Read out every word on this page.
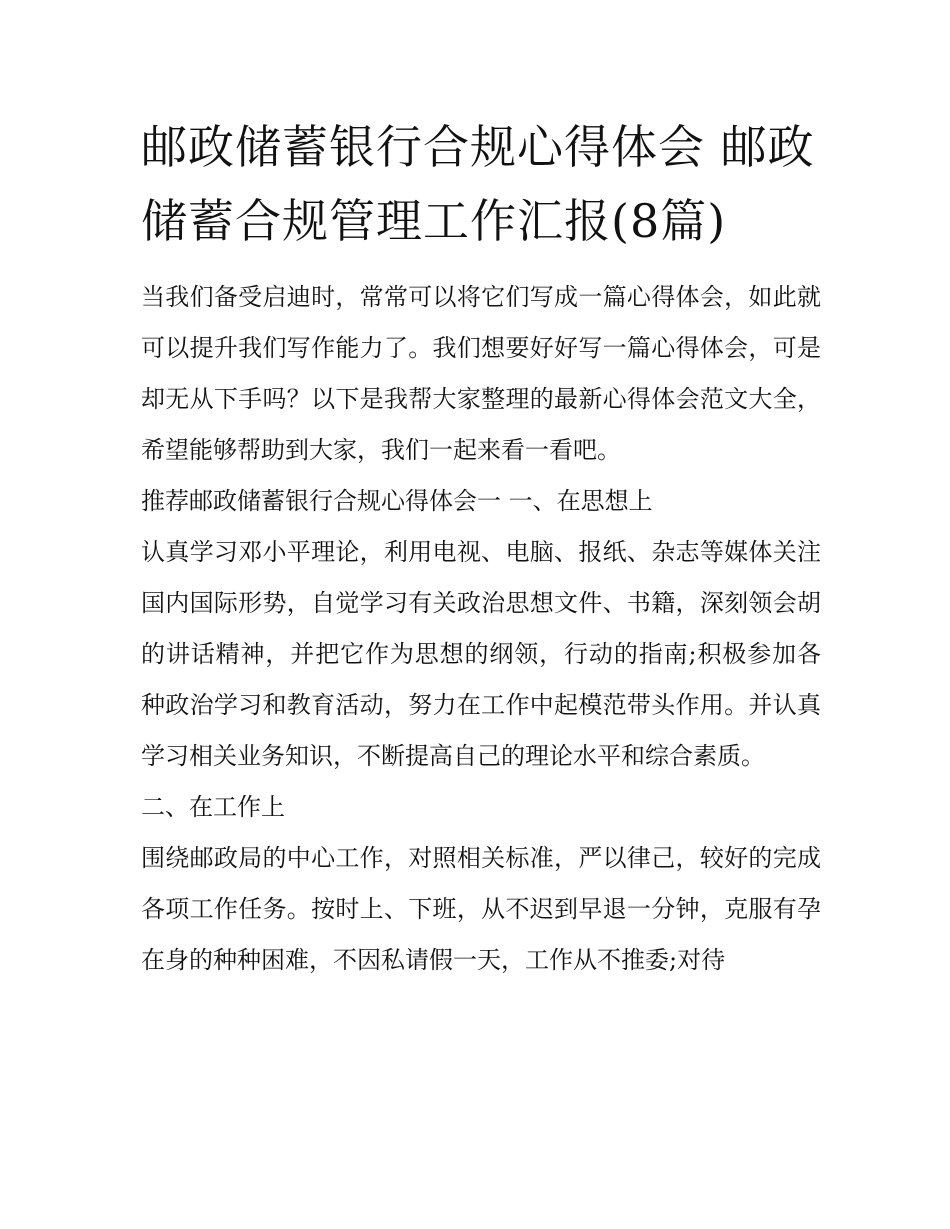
邮政储蓄银行合规心得体会 邮政储蓄合规管理工作汇报(8篇)

当我们备受启迪时，常常可以将它们写成一篇心得体会，如此就可以提升我们写作能力了。我们想要好好写一篇心得体会，可是却无从下手吗？以下是我帮大家整理的最新心得体会范文大全，希望能够帮助到大家，我们一起来看一看吧。

推荐邮政储蓄银行合规心得体会一 一、在思想上

认真学习邓小平理论，利用电视、电脑、报纸、杂志等媒体关注国内国际形势，自觉学习有关政治思想文件、书籍，深刻领会胡的讲话精神，并把它作为思想的纲领，行动的指南;积极参加各种政治学习和教育活动，努力在工作中起模范带头作用。并认真学习相关业务知识，不断提高自己的理论水平和综合素质。

二、在工作上

围绕邮政局的中心工作，对照相关标准，严以律己，较好的完成各项工作任务。按时上、下班，从不迟到早退一分钟，克服有孕在身的种种困难，不因私请假一天，工作从不推委;对待
